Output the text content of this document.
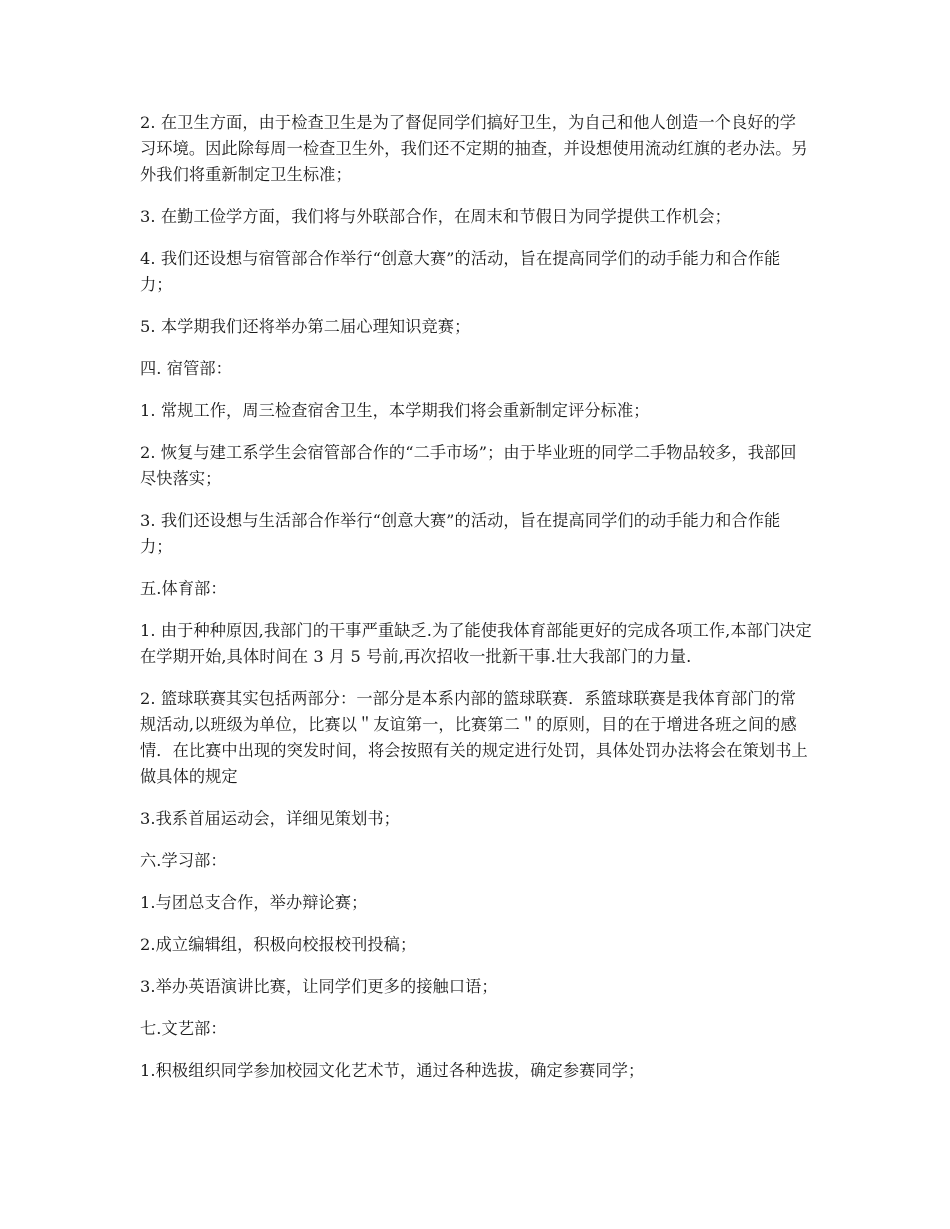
2. 在卫生方面，由于检查卫生是为了督促同学们搞好卫生，为自己和他人创造一个良好的学习环境。因此除每周一检查卫生外，我们还不定期的抽查，并设想使用流动红旗的老办法。另外我们将重新制定卫生标准；

3. 在勤工俭学方面，我们将与外联部合作，在周末和节假日为同学提供工作机会；

4. 我们还设想与宿管部合作举行“创意大赛”的活动，旨在提高同学们的动手能力和合作能力；

5. 本学期我们还将举办第二届心理知识竞赛；

四. 宿管部：

1. 常规工作，周三检查宿舍卫生，本学期我们将会重新制定评分标准；

2. 恢复与建工系学生会宿管部合作的“二手市场”；由于毕业班的同学二手物品较多，我部回尽快落实；

3. 我们还设想与生活部合作举行“创意大赛”的活动，旨在提高同学们的动手能力和合作能力；

五.体育部：

1. 由于种种原因,我部门的干事严重缺乏.为了能使我体育部能更好的完成各项工作,本部门决定在学期开始,具体时间在 3 月 5 号前,再次招收一批新干事.壮大我部门的力量.

2. 篮球联赛其实包括两部分：一部分是本系内部的篮球联赛．系篮球联赛是我体育部门的常规活动,以班级为单位，比赛以＂友谊第一，比赛第二＂的原则，目的在于增进各班之间的感情．在比赛中出现的突发时间，将会按照有关的规定进行处罚，具体处罚办法将会在策划书上做具体的规定

3.我系首届运动会，详细见策划书；

六.学习部：

1.与团总支合作，举办辩论赛；

2.成立编辑组，积极向校报校刊投稿；

3.举办英语演讲比赛，让同学们更多的接触口语；

七.文艺部：

1.积极组织同学参加校园文化艺术节，通过各种选拔，确定参赛同学；
